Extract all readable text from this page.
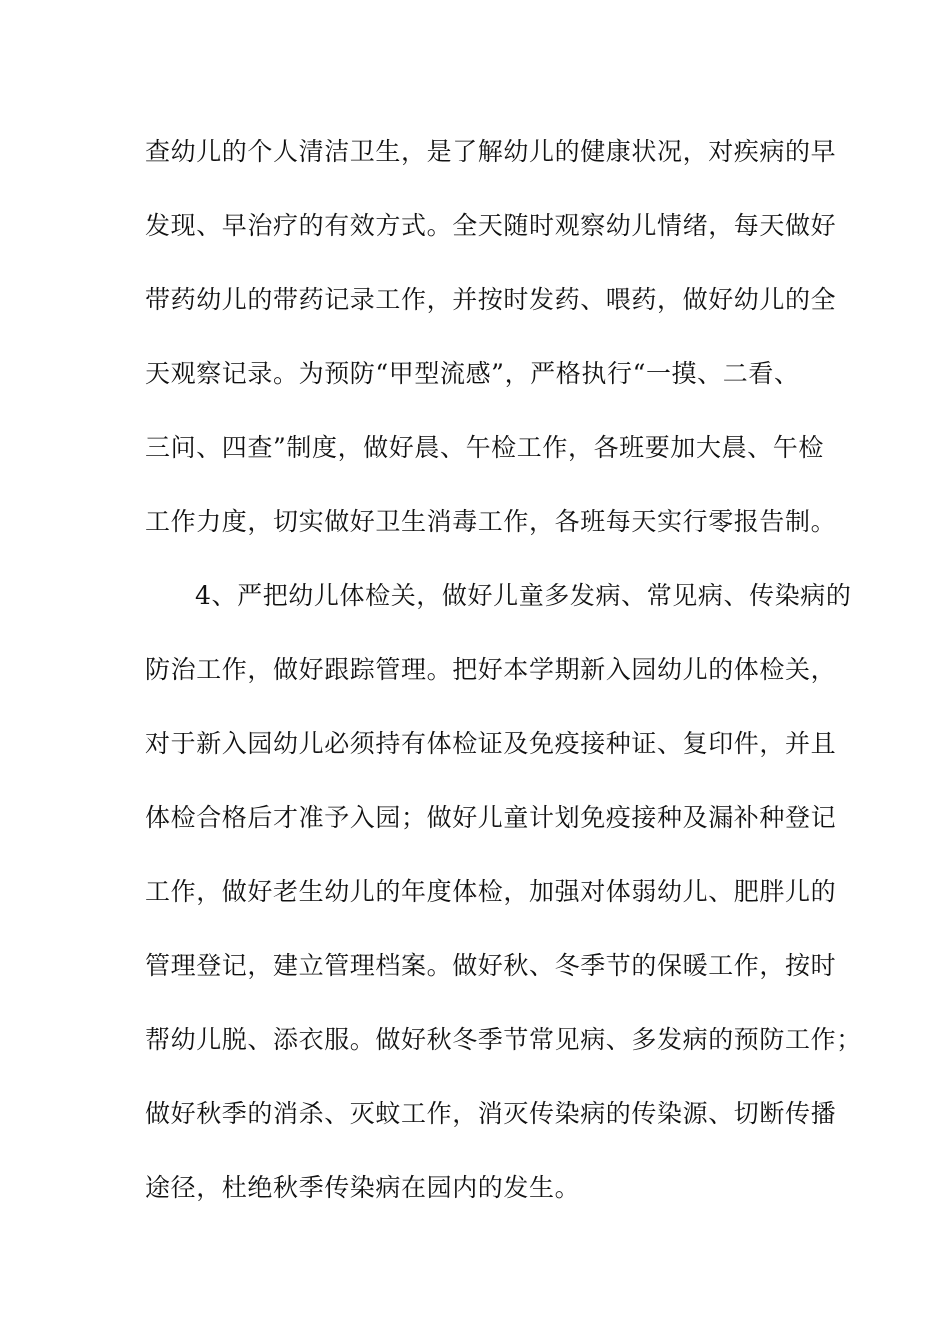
查幼儿的个人清洁卫生，是了解幼儿的健康状况，对疾病的早
发现、早治疗的有效方式。全天随时观察幼儿情绪，每天做好
带药幼儿的带药记录工作，并按时发药、喂药，做好幼儿的全
天观察记录。为预防“甲型流感”，严格执行“一摸、二看、
三问、四查”制度，做好晨、午检工作，各班要加大晨、午检
工作力度，切实做好卫生消毒工作，各班每天实行零报告制。
4、严把幼儿体检关，做好儿童多发病、常见病、传染病的
防治工作，做好跟踪管理。把好本学期新入园幼儿的体检关，
对于新入园幼儿必须持有体检证及免疫接种证、复印件，并且
体检合格后才准予入园；做好儿童计划免疫接种及漏补种登记
工作，做好老生幼儿的年度体检，加强对体弱幼儿、肥胖儿的
管理登记，建立管理档案。做好秋、冬季节的保暖工作，按时
帮幼儿脱、添衣服。做好秋冬季节常见病、多发病的预防工作；
做好秋季的消杀、灭蚊工作，消灭传染病的传染源、切断传播
途径，杜绝秋季传染病在园内的发生。
